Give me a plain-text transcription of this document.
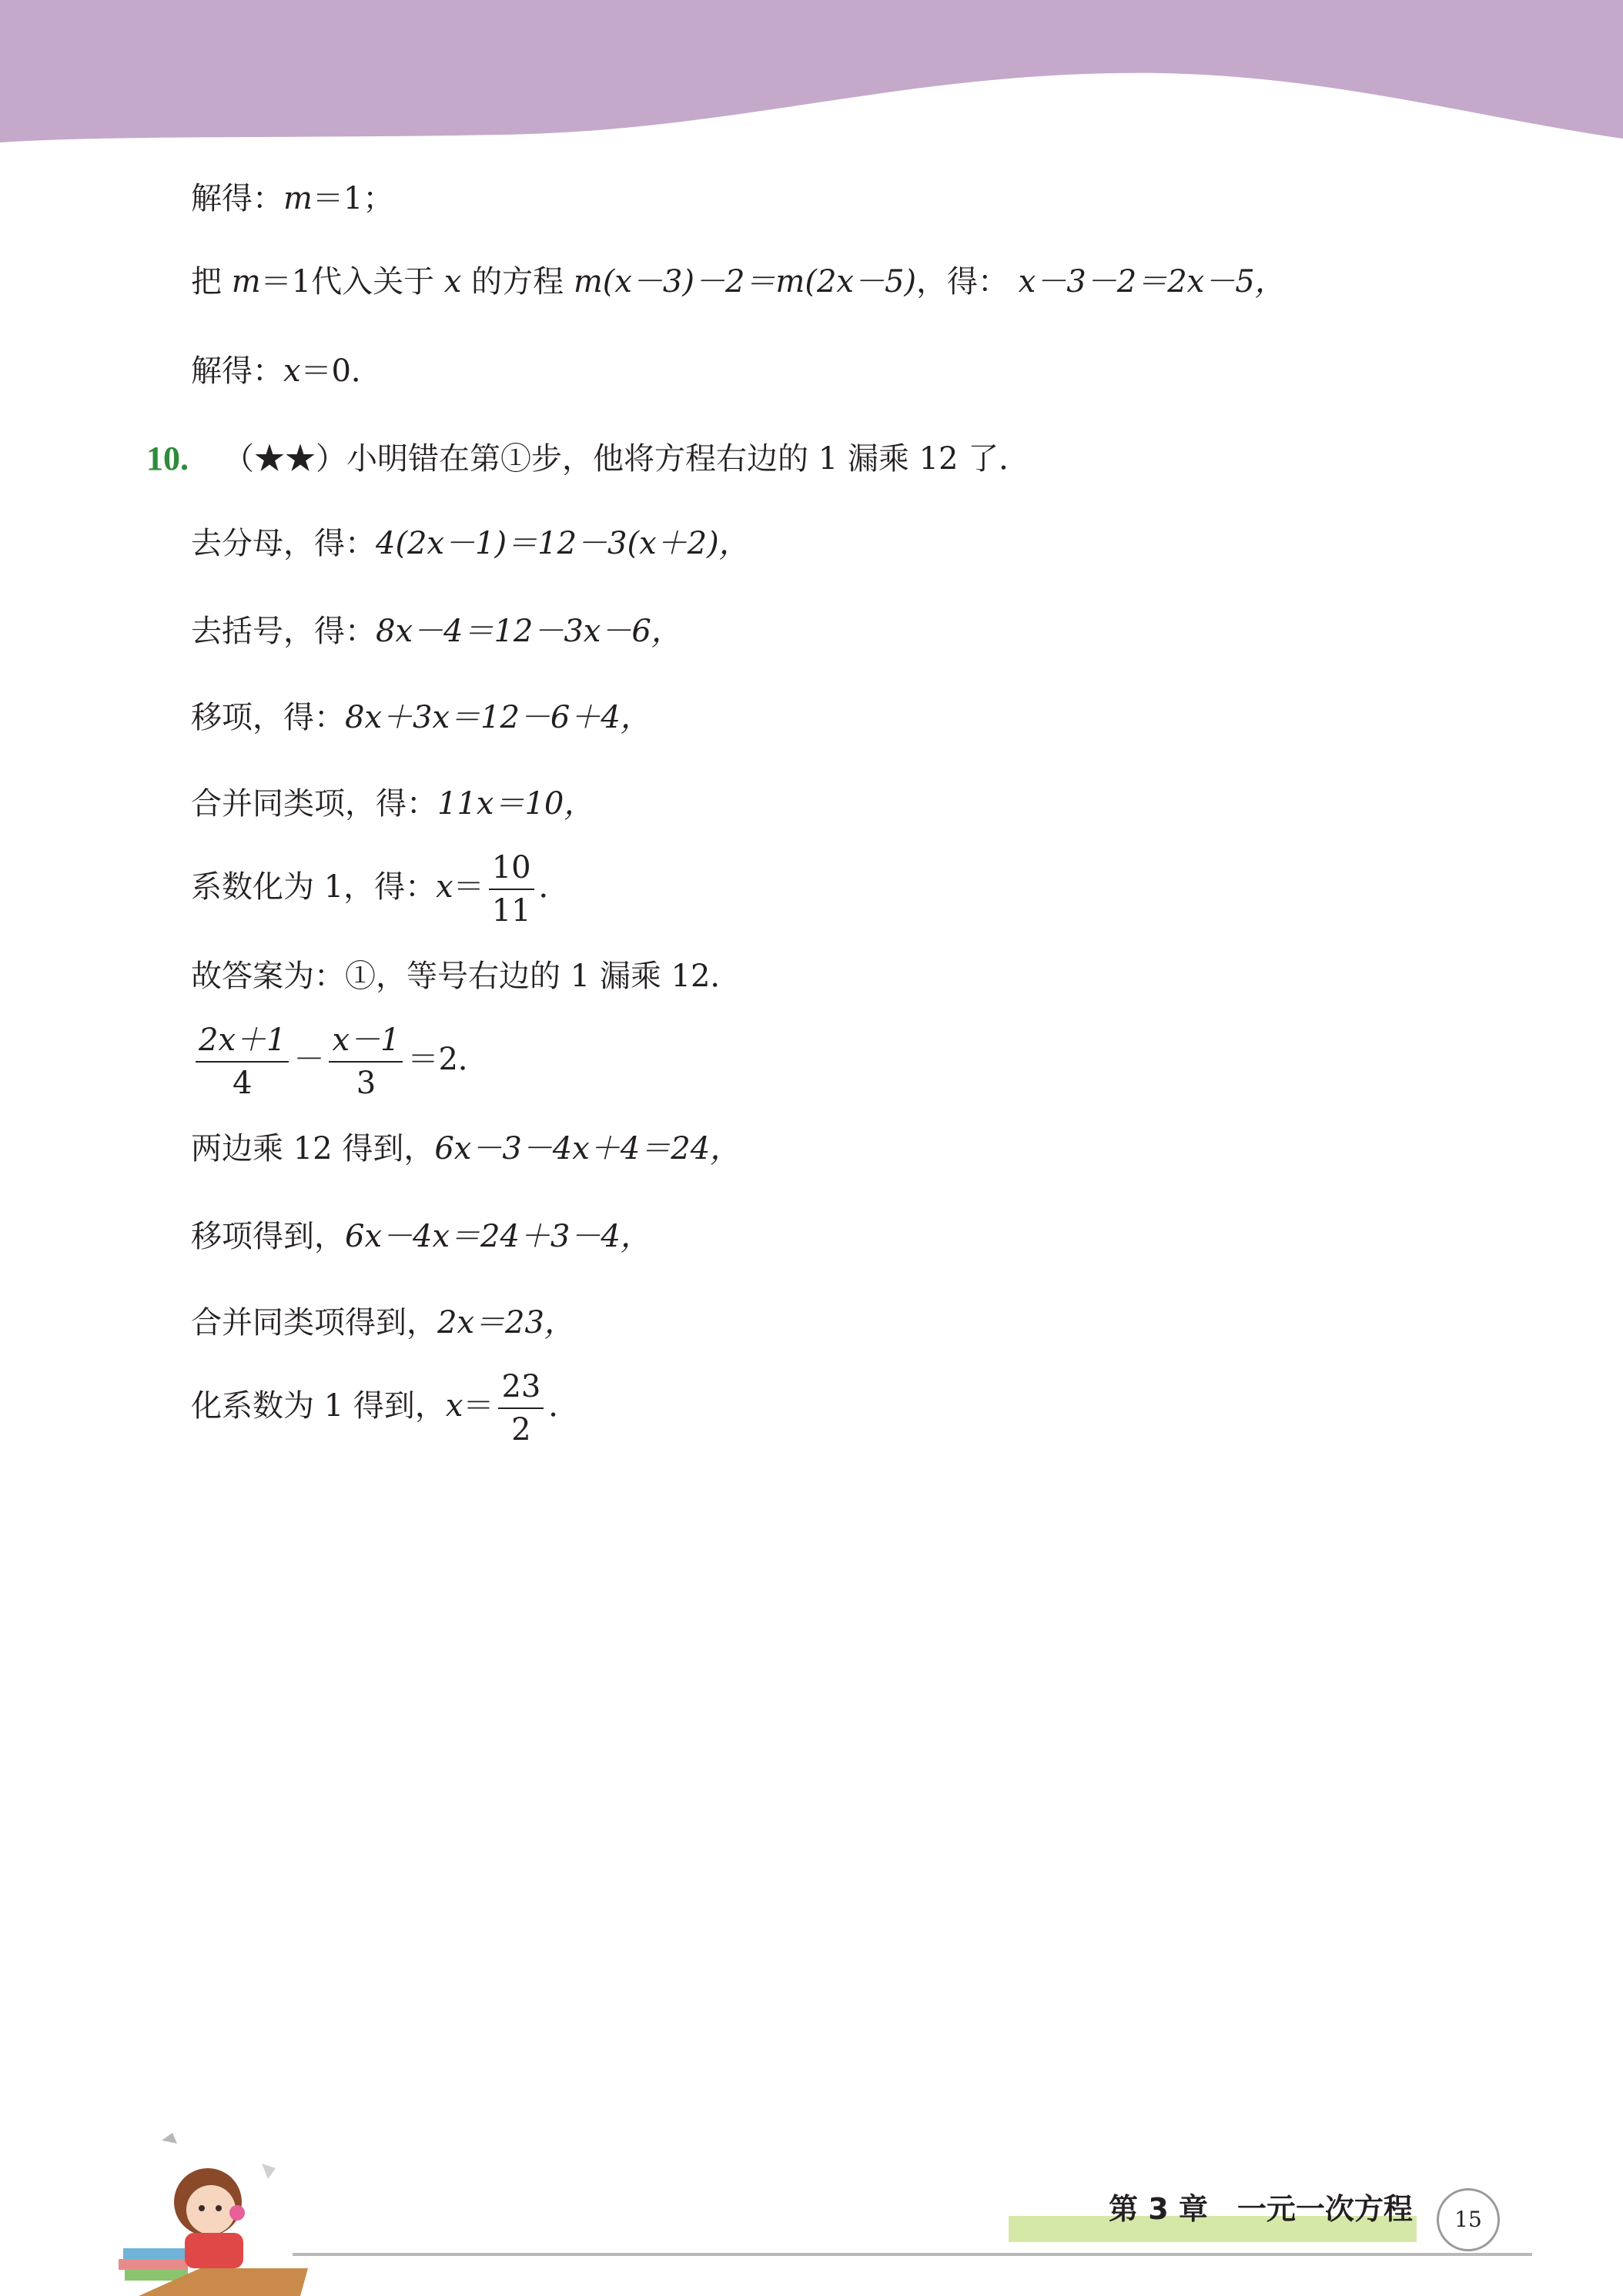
解得：m＝1；
把 m＝1代入关于 x 的方程 m(x－3)－2＝m(2x－5)，得： x－3－2＝2x－5，
解得：x＝0．
10. （★★）小明错在第①步，他将方程右边的 1 漏乘 12 了．
去分母，得：4(2x－1)＝12－3(x＋2)，
去括号，得：8x－4＝12－3x－6，
移项，得：8x＋3x＝12－6＋4，
合并同类项，得：11x＝10，
系数化为 1，得：$x= \frac{10}{11}$ ．
故答案为：①，等号右边的 1 漏乘 12．
$\frac{2x+1}{4} - \frac{x-1}{3} =2$．
两边乘 12 得到，6x－3－4x＋4＝24，
移项得到，6x－4x＝24＋3－4，
合并同类项得到，2x＝23，
化系数为 1 得到，$x= \frac{23}{2}$ ．
第 3 章　一元一次方程	15
